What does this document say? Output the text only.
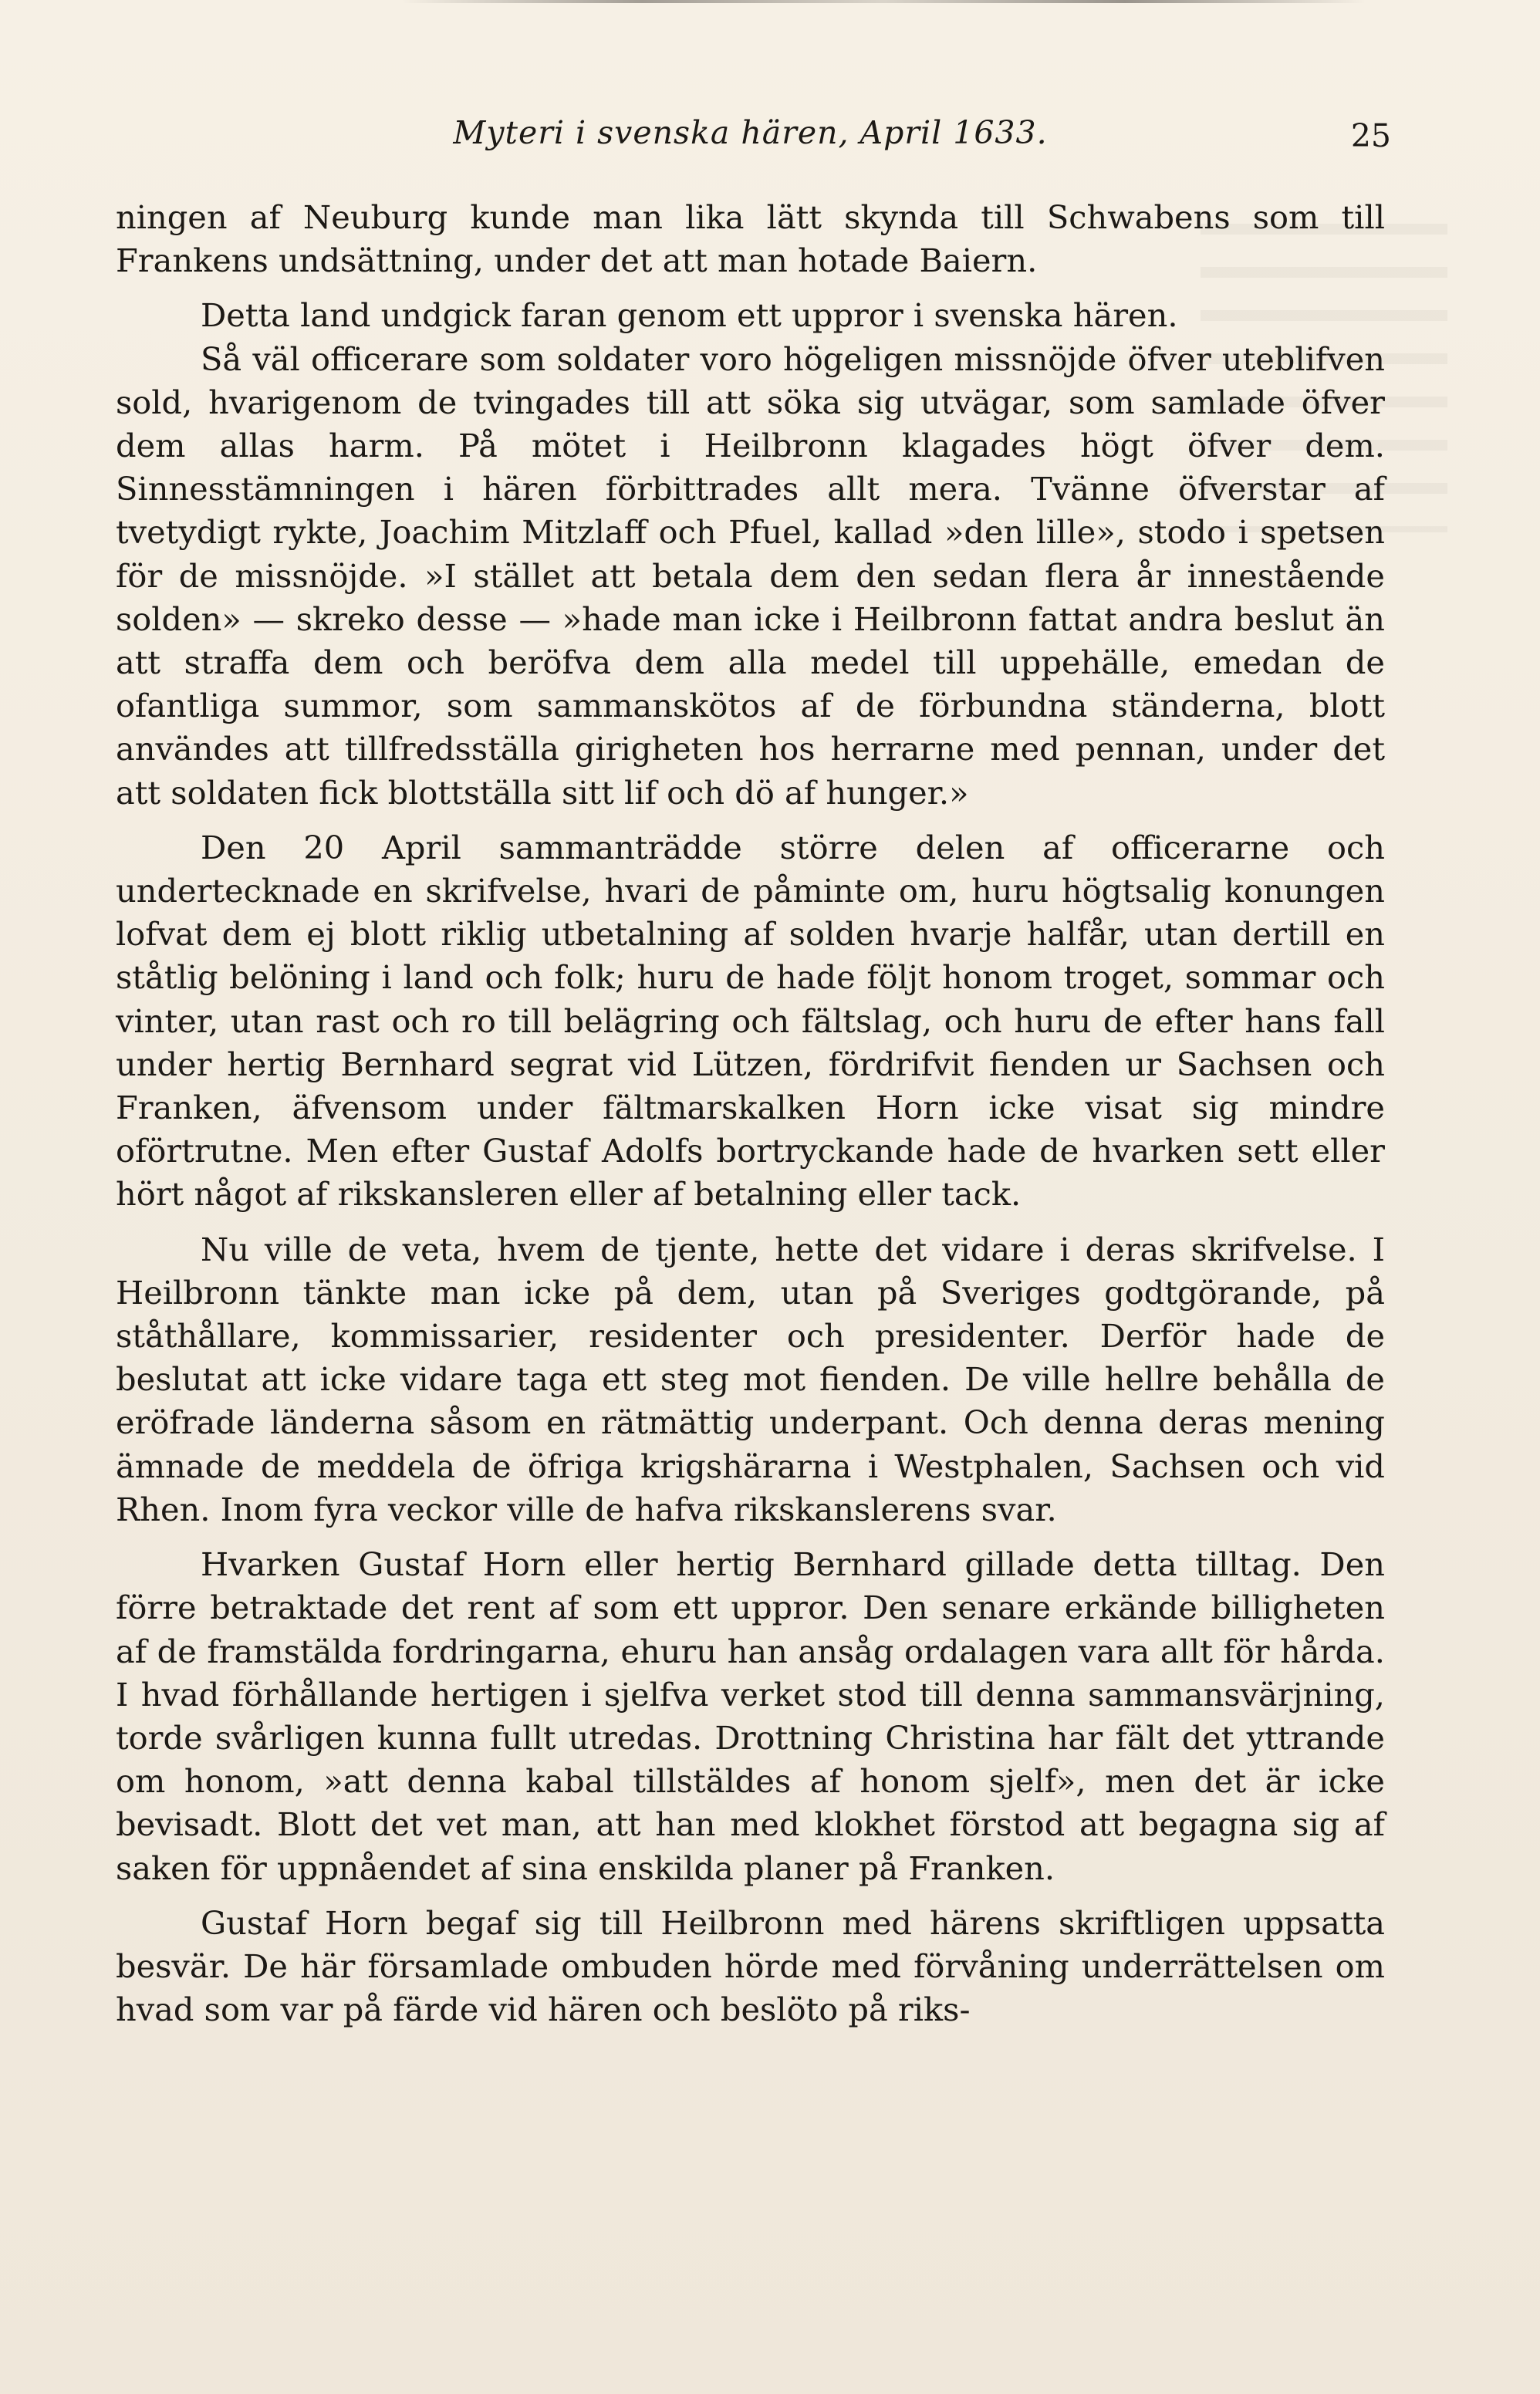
Myteri i svenska hären, April 1633.	25

ningen af Neuburg kunde man lika lätt skynda till Schwabens som till Frankens undsättning, under det att man hotade Baiern.

Detta land undgick faran genom ett uppror i svenska hären.

Så väl officerare som soldater voro högeligen missnöjde öfver uteblifven sold, hvarigenom de tvingades till att söka sig utvägar, som samlade öfver dem allas harm. På mötet i Heilbronn klagades högt öfver dem. Sinnesstämningen i hären förbittrades allt mera. Tvänne öfverstar af tvetydigt rykte, Joachim Mitzlaff och Pfuel, kallad »den lille», stodo i spetsen för de missnöjde. »I stället att betala dem den sedan flera år innestående solden» — skreko desse — »hade man icke i Heilbronn fattat andra beslut än att straffa dem och beröfva dem alla medel till uppehälle, emedan de ofantliga summor, som sammanskötos af de förbundna ständerna, blott användes att tillfredsställa girigheten hos herrarne med pennan, under det att soldaten fick blottställa sitt lif och dö af hunger.»

Den 20 April sammanträdde större delen af officerarne och undertecknade en skrifvelse, hvari de påminte om, huru högtsalig konungen lofvat dem ej blott riklig utbetalning af solden hvarje halfår, utan dertill en ståtlig belöning i land och folk; huru de hade följt honom troget, sommar och vinter, utan rast och ro till belägring och fältslag, och huru de efter hans fall under hertig Bernhard segrat vid Lützen, fördrifvit fienden ur Sachsen och Franken, äfvensom under fältmarskalken Horn icke visat sig mindre oförtrutne. Men efter Gustaf Adolfs bortryckande hade de hvarken sett eller hört något af rikskansleren eller af betalning eller tack.

Nu ville de veta, hvem de tjente, hette det vidare i deras skrifvelse. I Heilbronn tänkte man icke på dem, utan på Sveriges godtgörande, på ståthållare, kommissarier, residenter och presidenter. Derför hade de beslutat att icke vidare taga ett steg mot fienden. De ville hellre behålla de eröfrade länderna såsom en rätmättig underpant. Och denna deras mening ämnade de meddela de öfriga krigshärarna i Westphalen, Sachsen och vid Rhen. Inom fyra veckor ville de hafva rikskanslerens svar.

Hvarken Gustaf Horn eller hertig Bernhard gillade detta tilltag. Den förre betraktade det rent af som ett uppror. Den senare erkände billigheten af de framstälda fordringarna, ehuru han ansåg ordalagen vara allt för hårda. I hvad förhållande hertigen i sjelfva verket stod till denna sammansvärjning, torde svårligen kunna fullt utredas. Drottning Christina har fält det yttrande om honom, »att denna kabal tillstäldes af honom sjelf», men det är icke bevisadt. Blott det vet man, att han med klokhet förstod att begagna sig af saken för uppnåendet af sina enskilda planer på Franken.

Gustaf Horn begaf sig till Heilbronn med härens skriftligen uppsatta besvär. De här församlade ombuden hörde med förvåning underrättelsen om hvad som var på färde vid hären och beslöto på riks-
